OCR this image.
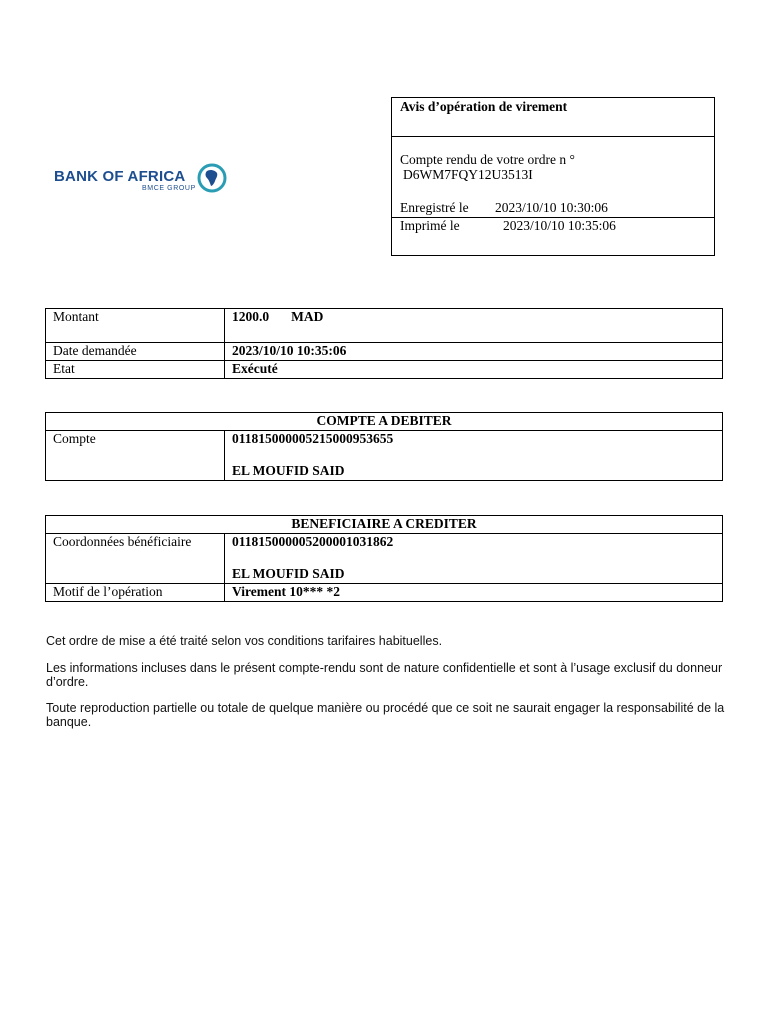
BANK OF AFRICA
BMCE GROUP
Avis d’opération de virement
Compte rendu de votre ordre n °
D6WM7FQY12U3513I
Enregistré le 2023/10/10 10:30:06
Imprimé le	2023/10/10 10:35:06
Montant	1200.0 MAD
Date demandée	2023/10/10 10:35:06
Etat	Exécuté
COMPTE A DEBITER
Compte	011815000005215000953655
EL MOUFID SAID
BENEFICIAIRE A CREDITER	
Coordonnées bénéficiaire	011815000005200001031862
EL MOUFID SAID

Motif de l’opération	Virement 10*** *2
Cet ordre de mise a été traité selon vos conditions tarifaires habituelles.
Les informations incluses dans le présent compte-rendu sont de nature confidentielle et sont à l’usage exclusif du donneur d’ordre.
Toute reproduction partielle ou totale de quelque manière ou procédé que ce soit ne saurait engager la responsabilité de la banque.
